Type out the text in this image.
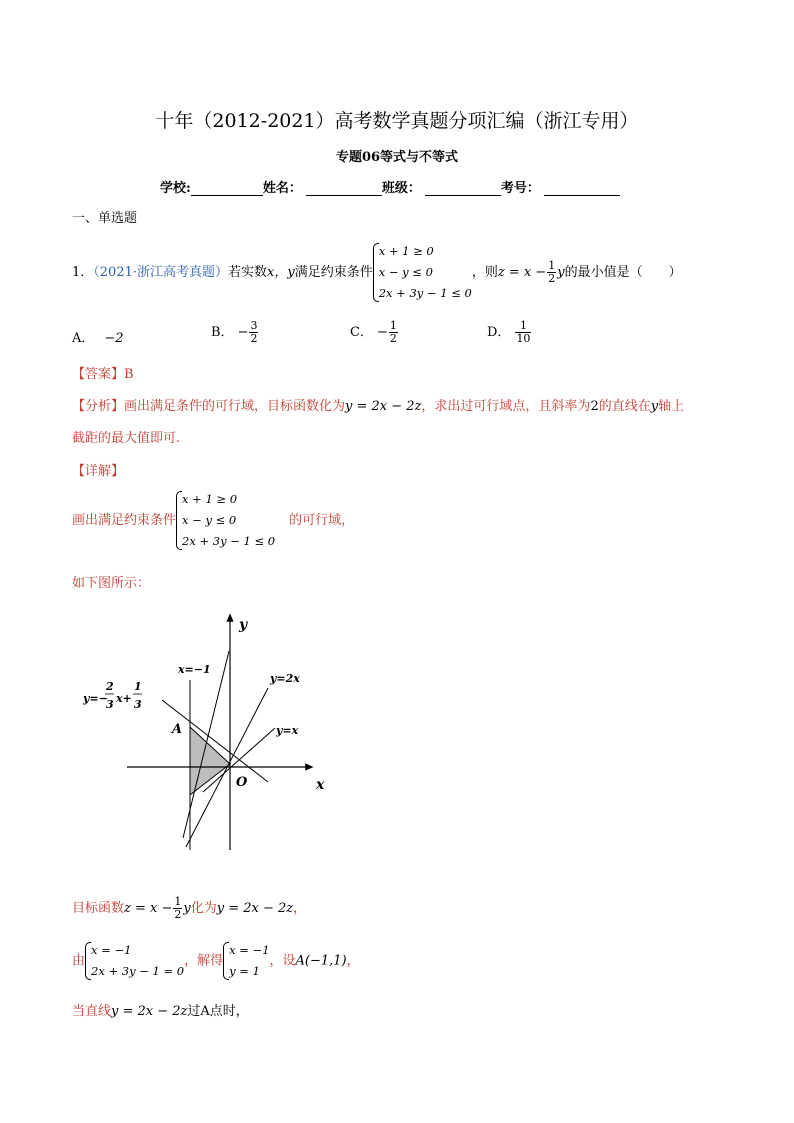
十年（2012-2021）高考数学真题分项汇编（浙江专用）
专题06等式与不等式
学校:	姓名：	班级：	考号：
一、单选题
1．（2021·浙江高考真题）若实数x，y满足约束条件
x + 1 ≥ 0
x − y ≤ 0
2x + 3y − 1 ≤ 0
，则$z = x - \frac{1}{2}$ y的最小值是（　　）
A． −2	B． − $\frac{3}{2}$	C． − $\frac{1}{2}$	D． $\frac{1}{10}$
【答案】B
【分析】画出满足条件的可行域，目标函数化为y = 2x − 2z，求出过可行域点，且斜率为2的直线在y轴上
截距的最大值即可.
【详解】
画出满足约束条件
x + 1 ≥ 0
x − y ≤ 0
2x + 3y − 1 ≤ 0
的可行域，
如下图所示：
y
x
O
A
x=−1
y=2x
y=x
y=−
2
3 x+
1
3
目标函数$z = x - \frac{1}{2}$ y化为y = 2x − 2z，
由
x = −1
2x + 3y − 1 = 0
，解得
x = −1
y = 1
，设A(−1,1)，
当直线y = 2x − 2z过A点时，
